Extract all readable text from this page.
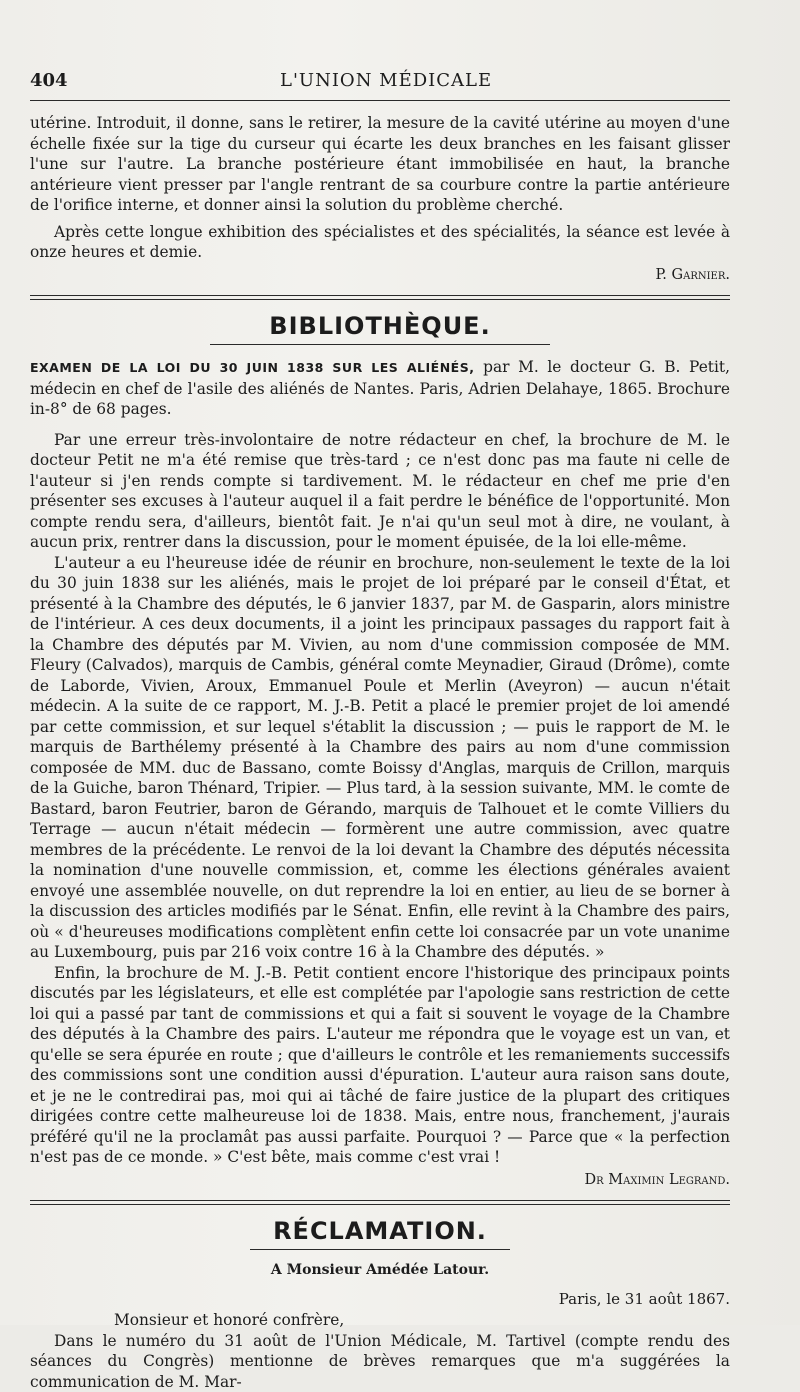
404	L'UNION MÉDICALE

utérine. Introduit, il donne, sans le retirer, la mesure de la cavité utérine au moyen d'une échelle fixée sur la tige du curseur qui écarte les deux branches en les faisant glisser l'une sur l'autre. La branche postérieure étant immobilisée en haut, la branche antérieure vient presser par l'angle rentrant de sa courbure contre la partie antérieure de l'orifice interne, et donner ainsi la solution du problème cherché.

Après cette longue exhibition des spécialistes et des spécialités, la séance est levée à onze heures et demie.

P. Garnier.

BIBLIOTHÈQUE.

EXAMEN DE LA LOI DU 30 JUIN 1838 SUR LES ALIÉNÉS, par M. le docteur G. B. Petit, médecin en chef de l'asile des aliénés de Nantes. Paris, Adrien Delahaye, 1865. Brochure in-8° de 68 pages.

Par une erreur très-involontaire de notre rédacteur en chef, la brochure de M. le docteur Petit ne m'a été remise que très-tard ; ce n'est donc pas ma faute ni celle de l'auteur si j'en rends compte si tardivement. M. le rédacteur en chef me prie d'en présenter ses excuses à l'auteur auquel il a fait perdre le bénéfice de l'opportunité. Mon compte rendu sera, d'ailleurs, bientôt fait. Je n'ai qu'un seul mot à dire, ne voulant, à aucun prix, rentrer dans la discussion, pour le moment épuisée, de la loi elle-même.

L'auteur a eu l'heureuse idée de réunir en brochure, non-seulement le texte de la loi du 30 juin 1838 sur les aliénés, mais le projet de loi préparé par le conseil d'État, et présenté à la Chambre des députés, le 6 janvier 1837, par M. de Gasparin, alors ministre de l'intérieur. A ces deux documents, il a joint les principaux passages du rapport fait à la Chambre des députés par M. Vivien, au nom d'une commission composée de MM. Fleury (Calvados), marquis de Cambis, général comte Meynadier, Giraud (Drôme), comte de Laborde, Vivien, Aroux, Emmanuel Poule et Merlin (Aveyron) — aucun n'était médecin. A la suite de ce rapport, M. J.-B. Petit a placé le premier projet de loi amendé par cette commission, et sur lequel s'établit la discussion ; — puis le rapport de M. le marquis de Barthélemy présenté à la Chambre des pairs au nom d'une commission composée de MM. duc de Bassano, comte Boissy d'Anglas, marquis de Crillon, marquis de la Guiche, baron Thénard, Tripier. — Plus tard, à la session suivante, MM. le comte de Bastard, baron Feutrier, baron de Gérando, marquis de Talhouet et le comte Villiers du Terrage — aucun n'était médecin — formèrent une autre commission, avec quatre membres de la précédente. Le renvoi de la loi devant la Chambre des députés nécessita la nomination d'une nouvelle commission, et, comme les élections générales avaient envoyé une assemblée nouvelle, on dut reprendre la loi en entier, au lieu de se borner à la discussion des articles modifiés par le Sénat. Enfin, elle revint à la Chambre des pairs, où « d'heureuses modifications complètent enfin cette loi consacrée par un vote unanime au Luxembourg, puis par 216 voix contre 16 à la Chambre des députés. »

Enfin, la brochure de M. J.-B. Petit contient encore l'historique des principaux points discutés par les législateurs, et elle est complétée par l'apologie sans restriction de cette loi qui a passé par tant de commissions et qui a fait si souvent le voyage de la Chambre des députés à la Chambre des pairs. L'auteur me répondra que le voyage est un van, et qu'elle se sera épurée en route ; que d'ailleurs le contrôle et les remaniements successifs des commissions sont une condition aussi d'épuration. L'auteur aura raison sans doute, et je ne le contredirai pas, moi qui ai tâché de faire justice de la plupart des critiques dirigées contre cette malheureuse loi de 1838. Mais, entre nous, franchement, j'aurais préféré qu'il ne la proclamât pas aussi parfaite. Pourquoi ? — Parce que « la perfection n'est pas de ce monde. » C'est bête, mais comme c'est vrai !

Dr Maximin Legrand.

RÉCLAMATION.
A Monsieur Amédée Latour.
Paris, le 31 août 1867.

Monsieur et honoré confrère,

Dans le numéro du 31 août de l'Union Médicale, M. Tartivel (compte rendu des séances du Congrès) mentionne de brèves remarques que m'a suggérées la communication de M. Mar-
